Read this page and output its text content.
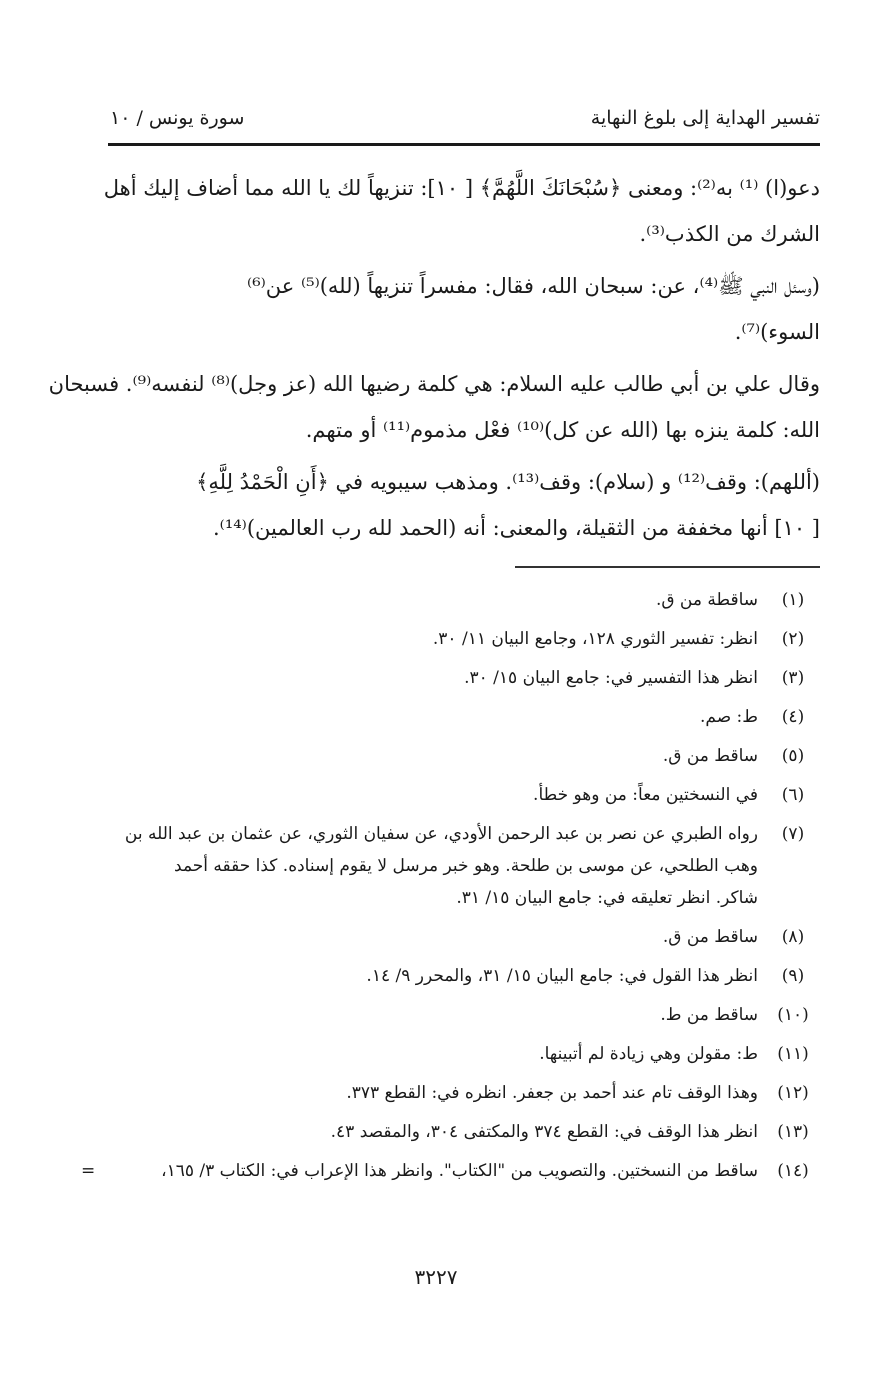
تفسير الهداية إلى بلوغ النهاية
سورة يونس / ١٠

دعو(ا) ⁽¹⁾ به⁽²⁾: ومعنى ﴿سُبْحَانَكَ اللَّهُمَّ﴾ [ ١٠]: تنزيهاً لك يا الله مما أضاف إليك أهل
الشرك من الكذب⁽³⁾.

(وسئل النبي ﷺ⁽⁴⁾، عن: سبحان الله، فقال: مفسراً تنزيهاً (لله)⁽⁵⁾ عن⁽⁶⁾
السوء)⁽⁷⁾.

وقال علي بن أبي طالب عليه السلام: هي كلمة رضيها الله (عز وجل)⁽⁸⁾ لنفسه⁽⁹⁾. فسبحان
الله: كلمة ينزه بها (الله عن كل)⁽¹⁰⁾ فعْل مذموم⁽¹¹⁾ أو متهم.

(أللهم): وقف⁽¹²⁾ و (سلام): وقف⁽¹³⁾. ومذهب سيبويه في ﴿أَنِ الْحَمْدُ لِلَّهِ﴾
[ ١٠] أنها مخففة من الثقيلة، والمعنى: أنه (الحمد لله رب العالمين)⁽¹⁴⁾.

(١)
ساقطة من ق.
(٢)
انظر: تفسير الثوري ١٢٨، وجامع البيان ١١/ ٣٠.
(٣)
انظر هذا التفسير في: جامع البيان ١٥/ ٣٠.
(٤)
ط: صم.
(٥)
ساقط من ق.
(٦)
في النسختين معاً: من وهو خطأ.
(٧)
رواه الطبري عن نصر بن عبد الرحمن الأودي، عن سفيان الثوري، عن عثمان بن عبد الله بن
وهب الطلحي، عن موسى بن طلحة. وهو خبر مرسل لا يقوم إسناده. كذا حققه أحمد
شاكر. انظر تعليقه في: جامع البيان ١٥/ ٣١.
(٨)
ساقط من ق.
(٩)
انظر هذا القول في: جامع البيان ١٥/ ٣١، والمحرر ٩/ ١٤.
(١٠)
ساقط من ط.
(١١)
ط: مقولن وهي زيادة لم أتبينها.
(١٢)
وهذا الوقف تام عند أحمد بن جعفر. انظره في: القطع ٣٧٣.
(١٣)
انظر هذا الوقف في: القطع ٣٧٤ والمكتفى ٣٠٤، والمقصد ٤٣.
(١٤)
ساقط من النسختين. والتصويب من "الكتاب". وانظر هذا الإعراب في: الكتاب ٣/ ١٦٥،
=
٣٢٢٧
